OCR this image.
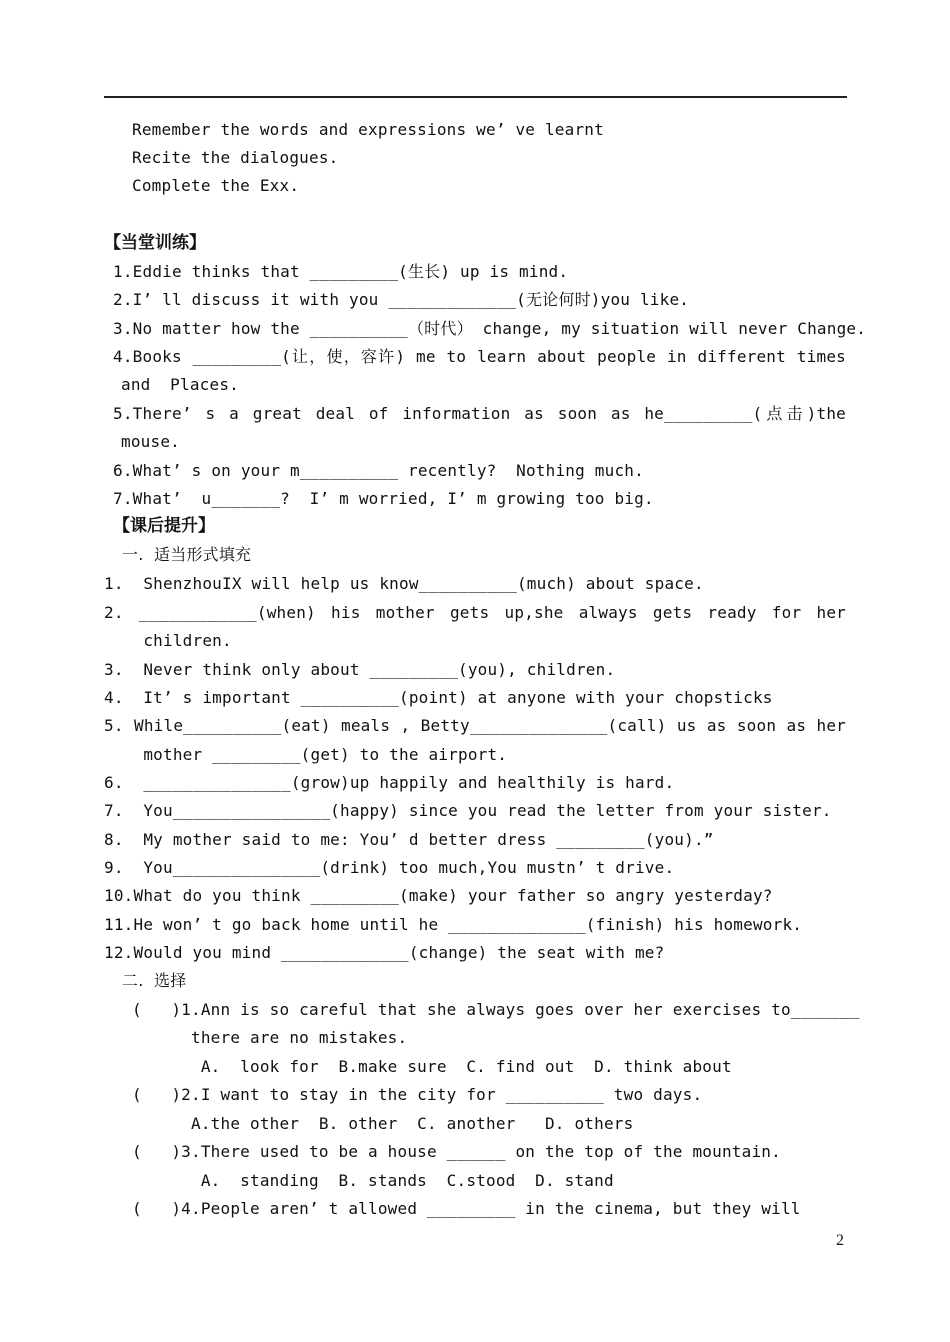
Remember the words and expressions we’ ve learnt
Recite the dialogues.
Complete the Exx.
【当堂训练】
1.Eddie thinks that _________(生长) up is mind.
2.I’ ll discuss it with you _____________(无论何时)you like.
3.No matter how the __________（时代） change, my situation will never Change.
4.Books _________(让，使，容许) me to learn about people in different times
and  Places.
5.There’ s a great deal of information as soon as he_________(点击)the
mouse.
6.What’ s on your m__________ recently?  Nothing much.
7.What’  u_______?  I’ m worried, I’ m growing too big.
【课后提升】
一.  适当形式填充
1.  ShenzhouIX will help us know__________(much) about space.
2. ____________(when) his mother gets up,she always gets ready for her
children.
3.  Never think only about _________(you), children.
4.  It’ s important __________(point) at anyone with your chopsticks
5. While__________(eat) meals , Betty______________(call) us as soon as her
mother _________(get) to the airport.
6.  _______________(grow)up happily and healthily is hard.
7.  You________________(happy) since you read the letter from your sister.
8.  My mother said to me: You’ d better dress _________(you).”
9.  You_______________(drink) too much,You mustn’ t drive.
10.What do you think _________(make) your father so angry yesterday?
11.He won’ t go back home until he ______________(finish) his homework.
12.Would you mind _____________(change) the seat with me?
二.  选择
(   )1.Ann is so careful that she always goes over her exercises to_______
there are no mistakes.
A.  look for  B.make sure  C. find out  D. think about
(   )2.I want to stay in the city for __________ two days.
A.the other  B. other  C. another   D. others
(   )3.There used to be a house ______ on the top of the mountain.
A.  standing  B. stands  C.stood  D. stand
(   )4.People aren’ t allowed _________ in the cinema, but they will
2
